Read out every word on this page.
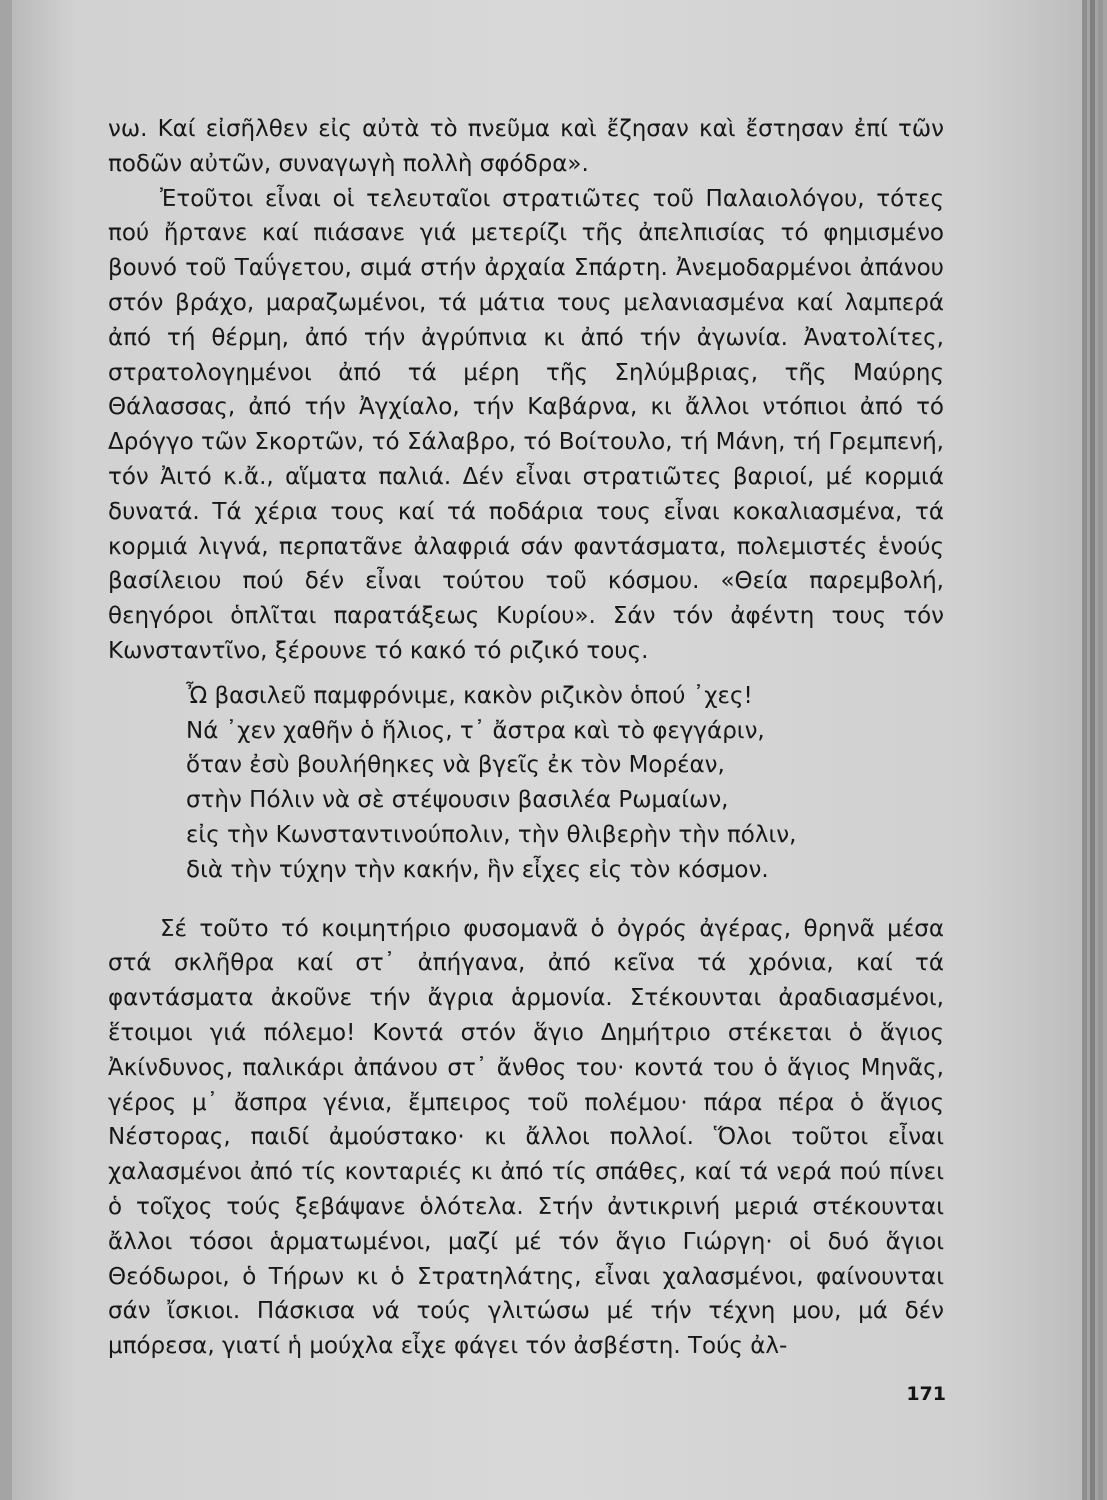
νω. Καί εἰσῆλθεν εἰς αὐτὰ τὸ πνεῦμα καὶ ἔζησαν καὶ ἔστησαν ἐπί τῶν ποδῶν αὐτῶν, συναγωγὴ πολλὴ σφόδρα».

Ἐτοῦτοι εἶναι οἱ τελευταῖοι στρατιῶτες τοῦ Παλαιολόγου, τότες πού ἤρτανε καί πιάσανε γιά μετερίζι τῆς ἀπελπισίας τό φημισμένο βουνό τοῦ Ταΰγετου, σιμά στήν ἀρχαία Σπάρτη. Ἀνεμοδαρμένοι ἀπάνου στόν βράχο, μαραζωμένοι, τά μάτια τους μελανιασμένα καί λαμπερά ἀπό τή θέρμη, ἀπό τήν ἀγρύπνια κι ἀπό τήν ἀγωνία. Ἀνατολίτες, στρατολογημένοι ἀπό τά μέρη τῆς Σηλύμβριας, τῆς Μαύρης Θάλασσας, ἀπό τήν Ἀγχίαλο, τήν Καβάρνα, κι ἄλλοι ντόπιοι ἀπό τό Δρόγγο τῶν Σκορτῶν, τό Σάλαβρο, τό Βοίτουλο, τή Μάνη, τή Γρεμπενή, τόν Ἀιτό κ.ἄ., αἵματα παλιά. Δέν εἶναι στρατιῶτες βαριοί, μέ κορμιά δυνατά. Τά χέρια τους καί τά ποδάρια τους εἶναι κοκαλιασμένα, τά κορμιά λιγνά, περπατᾶνε ἀλαφριά σάν φαντάσματα, πολεμιστές ἑνούς βασίλειου πού δέν εἶναι τούτου τοῦ κόσμου. «Θεία παρεμβολή, θεηγόροι ὁπλῖται παρατάξεως Κυρίου». Σάν τόν ἀφέντη τους τόν Κωνσταντῖνο, ξέρουνε τό κακό τό ριζικό τους.

Ὦ βασιλεῦ παμφρόνιμε, κακὸν ριζικὸν ὁπού ᾽χες!
Νά ᾽χεν χαθῆν ὁ ἥλιος, τ᾽ ἄστρα καὶ τὸ φεγγάριν,
ὅταν ἐσὺ βουλήθηκες νὰ βγεῖς ἐκ τὸν Μορέαν,
στὴν Πόλιν νὰ σὲ στέψουσιν βασιλέα Ρωμαίων,
εἰς τὴν Κωνσταντινούπολιν, τὴν θλιβερὴν τὴν πόλιν,
διὰ τὴν τύχην τὴν κακήν, ἣν εἶχες εἰς τὸν κόσμον.

Σέ τοῦτο τό κοιμητήριο φυσομανᾶ ὁ ὀγρός ἀγέρας, θρηνᾶ μέσα στά σκλῆθρα καί στ᾽ ἀπήγανα, ἀπό κεῖνα τά χρόνια, καί τά φαντάσματα ἀκοῦνε τήν ἄγρια ἁρμονία. Στέκουνται ἀραδιασμένοι, ἕτοιμοι γιά πόλεμο! Κοντά στόν ἅγιο Δημήτριο στέκεται ὁ ἅγιος Ἀκίνδυνος, παλικάρι ἀπάνου στ᾽ ἄνθος του· κοντά του ὁ ἅγιος Μηνᾶς, γέρος μ᾽ ἄσπρα γένια, ἔμπειρος τοῦ πολέμου· πάρα πέρα ὁ ἅγιος Νέστορας, παιδί ἀμούστακο· κι ἄλλοι πολλοί. Ὅλοι τοῦτοι εἶναι χαλασμένοι ἀπό τίς κονταριές κι ἀπό τίς σπάθες, καί τά νερά πού πίνει ὁ τοῖχος τούς ξεβάψανε ὁλότελα. Στήν ἀντικρινή μεριά στέκουνται ἄλλοι τόσοι ἁρματωμένοι, μαζί μέ τόν ἅγιο Γιώργη· οἱ δυό ἅγιοι Θεόδωροι, ὁ Τήρων κι ὁ Στρατηλάτης, εἶναι χαλασμένοι, φαίνουνται σάν ἴσκιοι. Πάσκισα νά τούς γλιτώσω μέ τήν τέχνη μου, μά δέν μπόρεσα, γιατί ἡ μούχλα εἶχε φάγει τόν ἀσβέστη. Τούς ἀλ-

171
